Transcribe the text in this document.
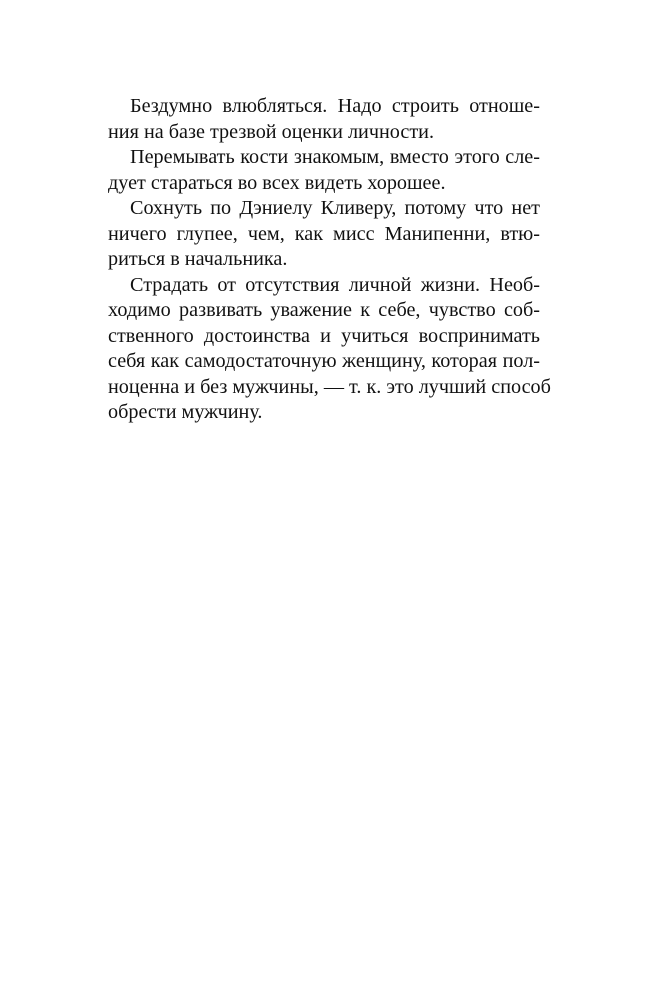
Бездумно влюбляться. Надо строить отноше-
ния на базе трезвой оценки личности.
Перемывать кости знакомым, вместо этого сле-
дует стараться во всех видеть хорошее.
Сохнуть по Дэниелу Кливеру, потому что нет
ничего глупее, чем, как мисс Манипенни, втю-
риться в начальника.
Страдать от отсутствия личной жизни. Необ-
ходимо развивать уважение к себе, чувство соб-
ственного достоинства и учиться воспринимать
себя как самодостаточную женщину, которая пол-
ноценна и без мужчины, — т. к. это лучший способ
обрести мужчину.
